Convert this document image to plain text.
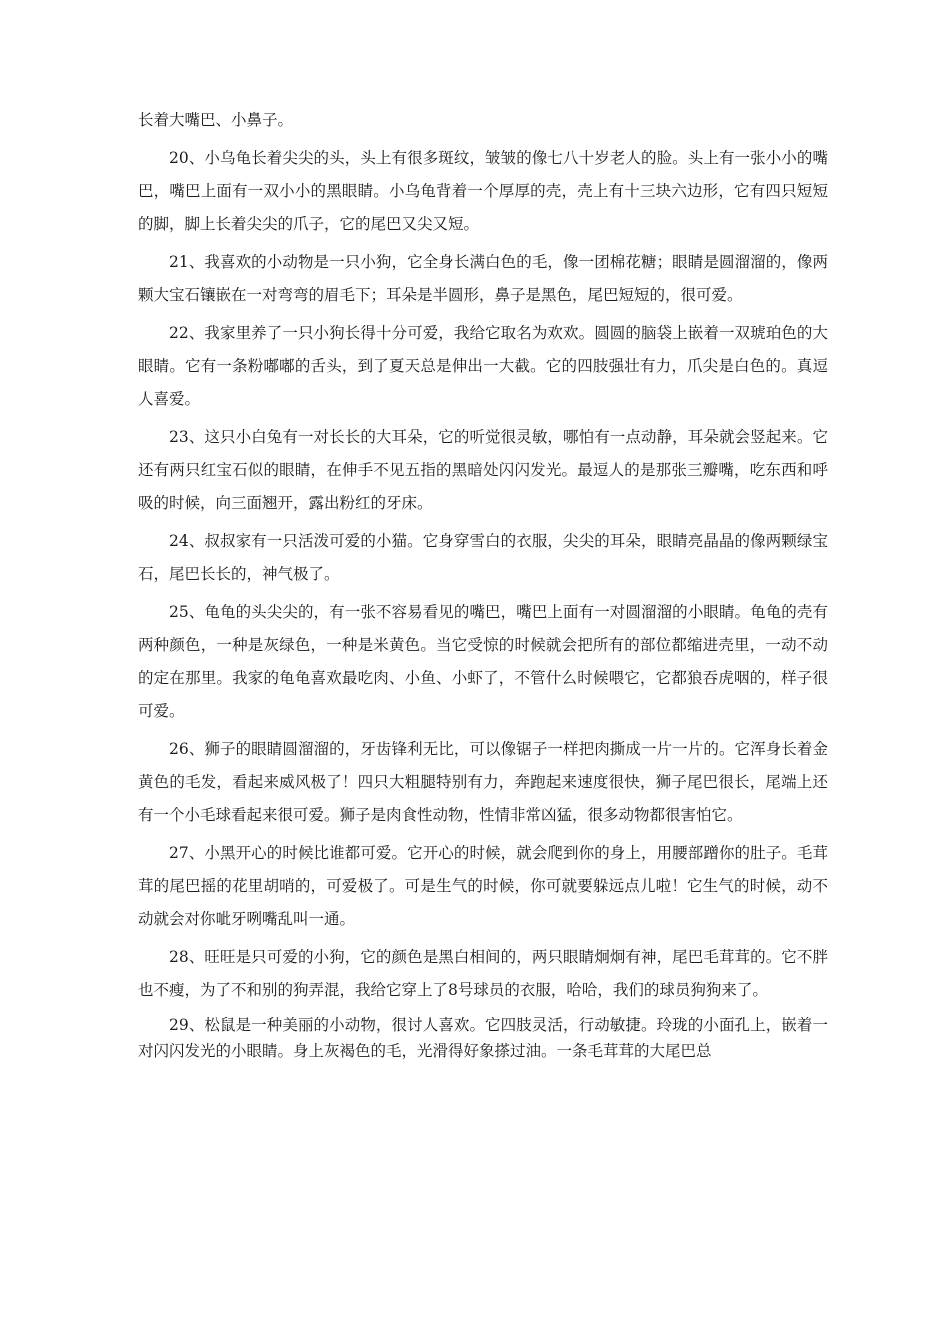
长着大嘴巴、小鼻子。

20、小乌龟长着尖尖的头，头上有很多斑纹，皱皱的像七八十岁老人的脸。头上有一张小小的嘴巴，嘴巴上面有一双小小的黑眼睛。小乌龟背着一个厚厚的壳，壳上有十三块六边形，它有四只短短的脚，脚上长着尖尖的爪子，它的尾巴又尖又短。

21、我喜欢的小动物是一只小狗，它全身长满白色的毛，像一团棉花糖；眼睛是圆溜溜的，像两颗大宝石镶嵌在一对弯弯的眉毛下；耳朵是半圆形，鼻子是黑色，尾巴短短的，很可爱。

22、我家里养了一只小狗长得十分可爱，我给它取名为欢欢。圆圆的脑袋上嵌着一双琥珀色的大眼睛。它有一条粉嘟嘟的舌头，到了夏天总是伸出一大截。它的四肢强壮有力，爪尖是白色的。真逗人喜爱。

23、这只小白兔有一对长长的大耳朵，它的听觉很灵敏，哪怕有一点动静，耳朵就会竖起来。它还有两只红宝石似的眼睛，在伸手不见五指的黑暗处闪闪发光。最逗人的是那张三瓣嘴，吃东西和呼吸的时候，向三面翘开，露出粉红的牙床。

24、叔叔家有一只活泼可爱的小猫。它身穿雪白的衣服，尖尖的耳朵，眼睛亮晶晶的像两颗绿宝石，尾巴长长的，神气极了。

25、龟龟的头尖尖的，有一张不容易看见的嘴巴，嘴巴上面有一对圆溜溜的小眼睛。龟龟的壳有两种颜色，一种是灰绿色，一种是米黄色。当它受惊的时候就会把所有的部位都缩进壳里，一动不动的定在那里。我家的龟龟喜欢最吃肉、小鱼、小虾了，不管什么时候喂它，它都狼吞虎咽的，样子很可爱。

26、狮子的眼睛圆溜溜的，牙齿锋利无比，可以像锯子一样把肉撕成一片一片的。它浑身长着金黄色的毛发，看起来威风极了！四只大粗腿特别有力，奔跑起来速度很快，狮子尾巴很长，尾端上还有一个小毛球看起来很可爱。狮子是肉食性动物，性情非常凶猛，很多动物都很害怕它。

27、小黑开心的时候比谁都可爱。它开心的时候，就会爬到你的身上，用腰部蹭你的肚子。毛茸茸的尾巴摇的花里胡哨的，可爱极了。可是生气的时候，你可就要躲远点儿啦！它生气的时候，动不动就会对你呲牙咧嘴乱叫一通。

28、旺旺是只可爱的小狗，它的颜色是黑白相间的，两只眼睛炯炯有神，尾巴毛茸茸的。它不胖也不瘦，为了不和别的狗弄混，我给它穿上了8号球员的衣服，哈哈，我们的球员狗狗来了。

29、松鼠是一种美丽的小动物，很讨人喜欢。它四肢灵活，行动敏捷。玲珑的小面孔上，嵌着一对闪闪发光的小眼睛。身上灰褐色的毛，光滑得好象搽过油。一条毛茸茸的大尾巴总
